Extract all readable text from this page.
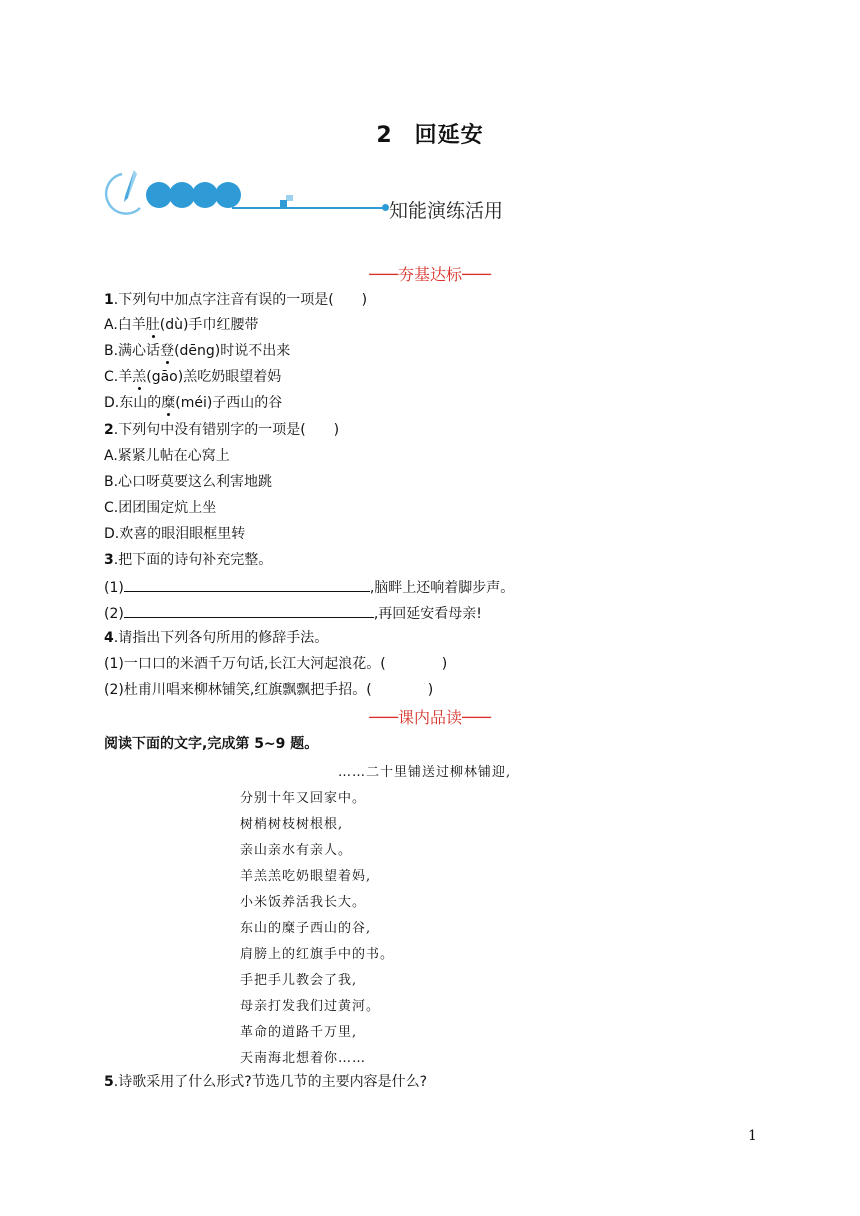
2 回延安
知能演练活用
───夯基达标───
1.下列句中加点字注音有误的一项是(　　)
A.白羊肚(dù)手巾红腰带
B.满心话登(dēng)时说不出来
C.羊羔(gāo)羔吃奶眼望着妈
D.东山的糜(méi)子西山的谷
2.下列句中没有错别字的一项是(　　)
A.紧紧儿帖在心窝上
B.心口呀莫要这么利害地跳
C.团团围定炕上坐
D.欢喜的眼泪眼框里转
3.把下面的诗句补充完整。
(1)	,脑畔上还响着脚步声。
(2)	,再回延安看母亲!
4.请指出下列各句所用的修辞手法。
(1)一口口的米酒千万句话,长江大河起浪花。(　　　　)
(2)杜甫川唱来柳林铺笑,红旗飘飘把手招。(　　　　)
───课内品读───
阅读下面的文字,完成第 5~9 题。
……二十里铺送过柳林铺迎,
分别十年又回家中。
树梢树枝树根根,
亲山亲水有亲人。
羊羔羔吃奶眼望着妈,
小米饭养活我长大。
东山的糜子西山的谷,
肩膀上的红旗手中的书。
手把手儿教会了我,
母亲打发我们过黄河。
革命的道路千万里,
天南海北想着你……
5.诗歌采用了什么形式?节选几节的主要内容是什么?
1
